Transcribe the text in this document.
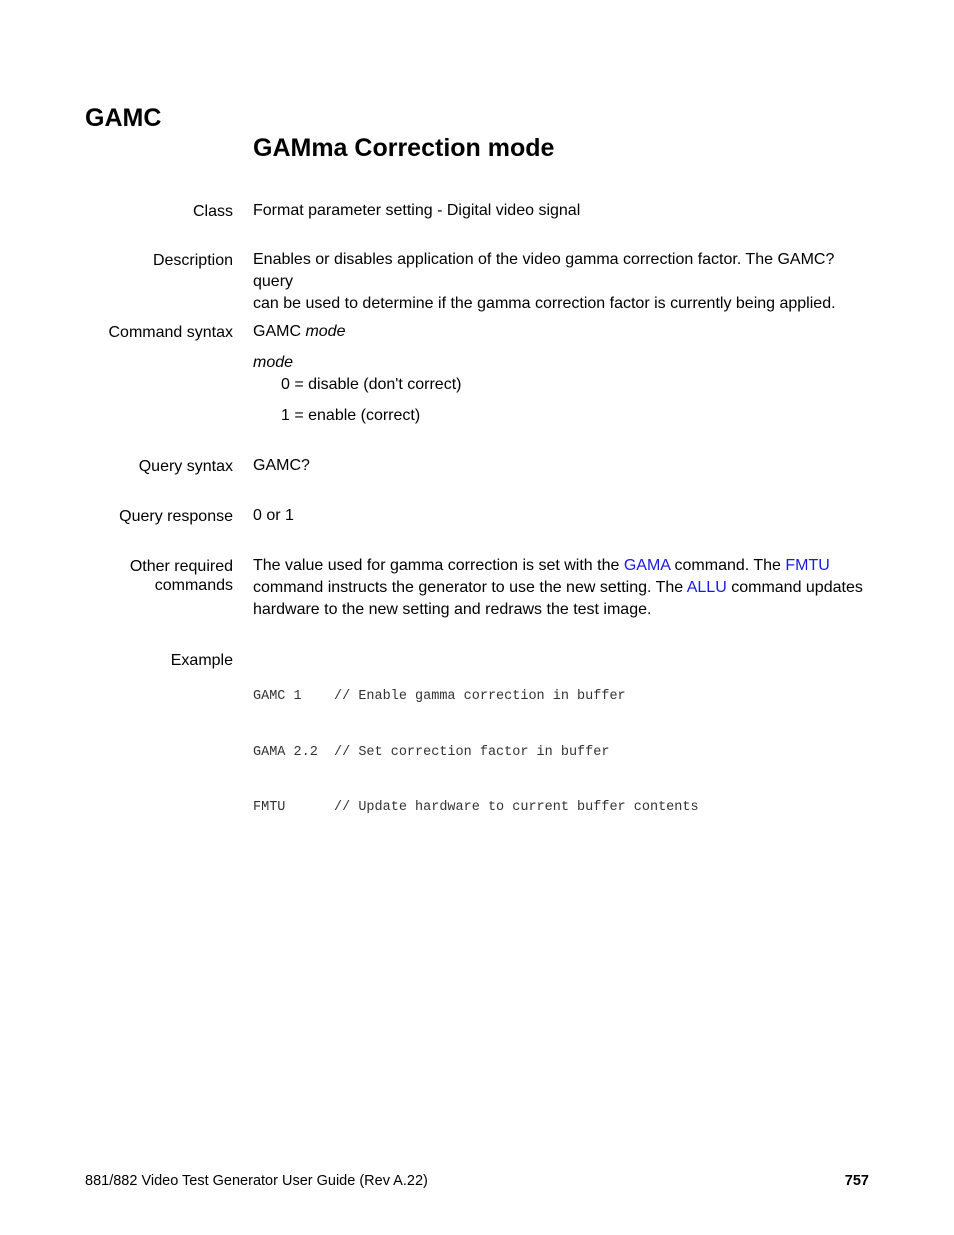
GAMC
GAMma Correction mode
Class Format parameter setting - Digital video signal
Description Enables or disables application of the video gamma correction factor. The GAMC? query
can be used to determine if the gamma correction factor is currently being applied.
Command syntax GAMC mode
mode
0 = disable (don't correct)
1 = enable (correct)
Query syntax GAMC?
Query response 0 or 1
Other required
commands
The value used for gamma correction is set with the GAMA command. The FMTU
command instructs the generator to use the new setting. The ALLU command updates
hardware to the new setting and redraws the test image.
Example

GAMC 1    // Enable gamma correction in buffer

GAMA 2.2  // Set correction factor in buffer

FMTU      // Update hardware to current buffer contents

881/882 Video Test Generator User Guide (Rev A.22)	757
